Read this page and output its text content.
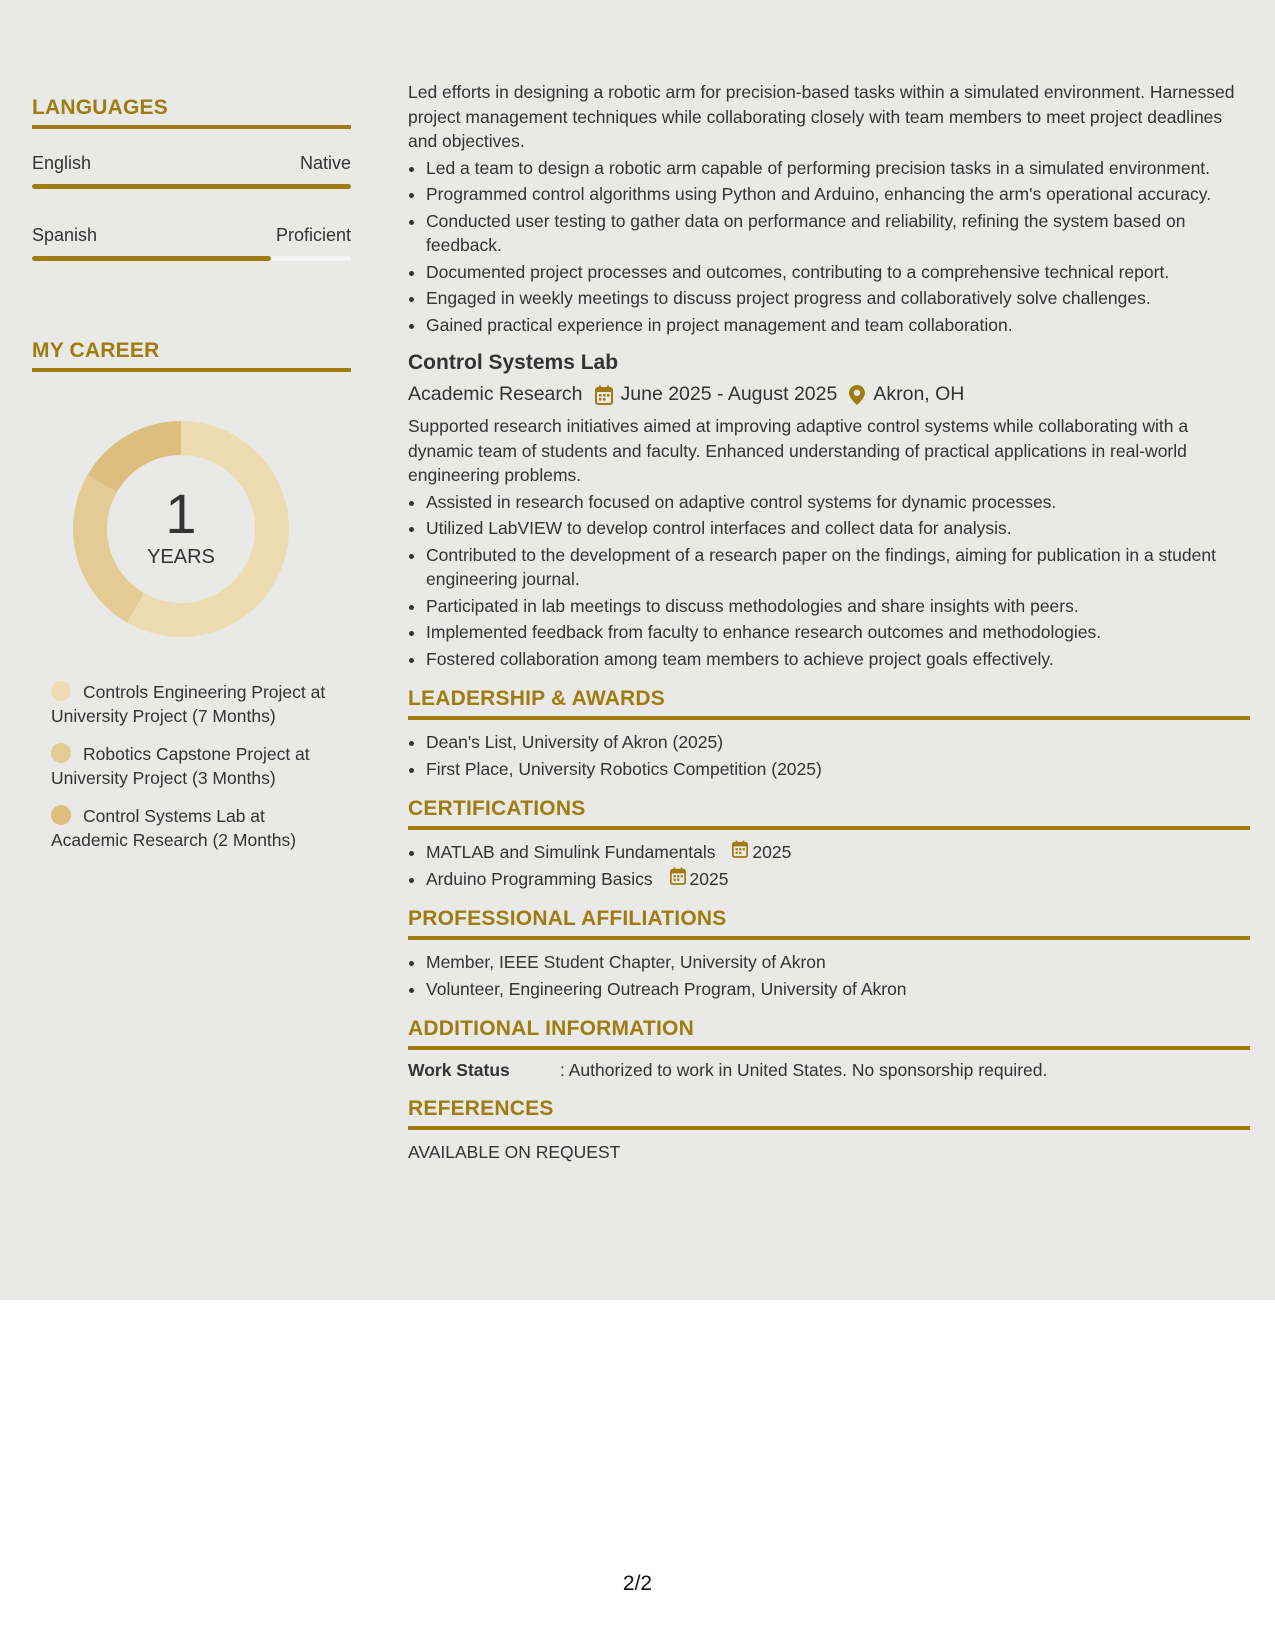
LANGUAGES
English	Native
Spanish	Proficient
MY CAREER
1
YEARS
Controls Engineering Project at University Project (7 Months)
Robotics Capstone Project at University Project (3 Months)
Control Systems Lab at Academic Research (2 Months)

Led efforts in designing a robotic arm for precision-based tasks within a simulated environment. Harnessed project management techniques while collaborating closely with team members to meet project deadlines and objectives.

• Led a team to design a robotic arm capable of performing precision tasks in a simulated environment.
• Programmed control algorithms using Python and Arduino, enhancing the arm's operational accuracy.
• Conducted user testing to gather data on performance and reliability, refining the system based on feedback.
• Documented project processes and outcomes, contributing to a comprehensive technical report.
• Engaged in weekly meetings to discuss project progress and collaboratively solve challenges.
• Gained practical experience in project management and team collaboration.
Control Systems Lab
Academic Research June 2025 - August 2025 Akron, OH

Supported research initiatives aimed at improving adaptive control systems while collaborating with a dynamic team of students and faculty. Enhanced understanding of practical applications in real-world engineering problems.

• Assisted in research focused on adaptive control systems for dynamic processes.
• Utilized LabVIEW to develop control interfaces and collect data for analysis.
• Contributed to the development of a research paper on the findings, aiming for publication in a student engineering journal.
• Participated in lab meetings to discuss methodologies and share insights with peers.
• Implemented feedback from faculty to enhance research outcomes and methodologies.
• Fostered collaboration among team members to achieve project goals effectively.
LEADERSHIP & AWARDS
• Dean's List, University of Akron (2025)
• First Place, University Robotics Competition (2025)
CERTIFICATIONS
• MATLAB and Simulink Fundamentals 2025
• Arduino Programming Basics 2025
PROFESSIONAL AFFILIATIONS
• Member, IEEE Student Chapter, University of Akron
• Volunteer, Engineering Outreach Program, University of Akron
ADDITIONAL INFORMATION
Work Status	: Authorized to work in United States. No sponsorship required.
REFERENCES
AVAILABLE ON REQUEST
2/2
